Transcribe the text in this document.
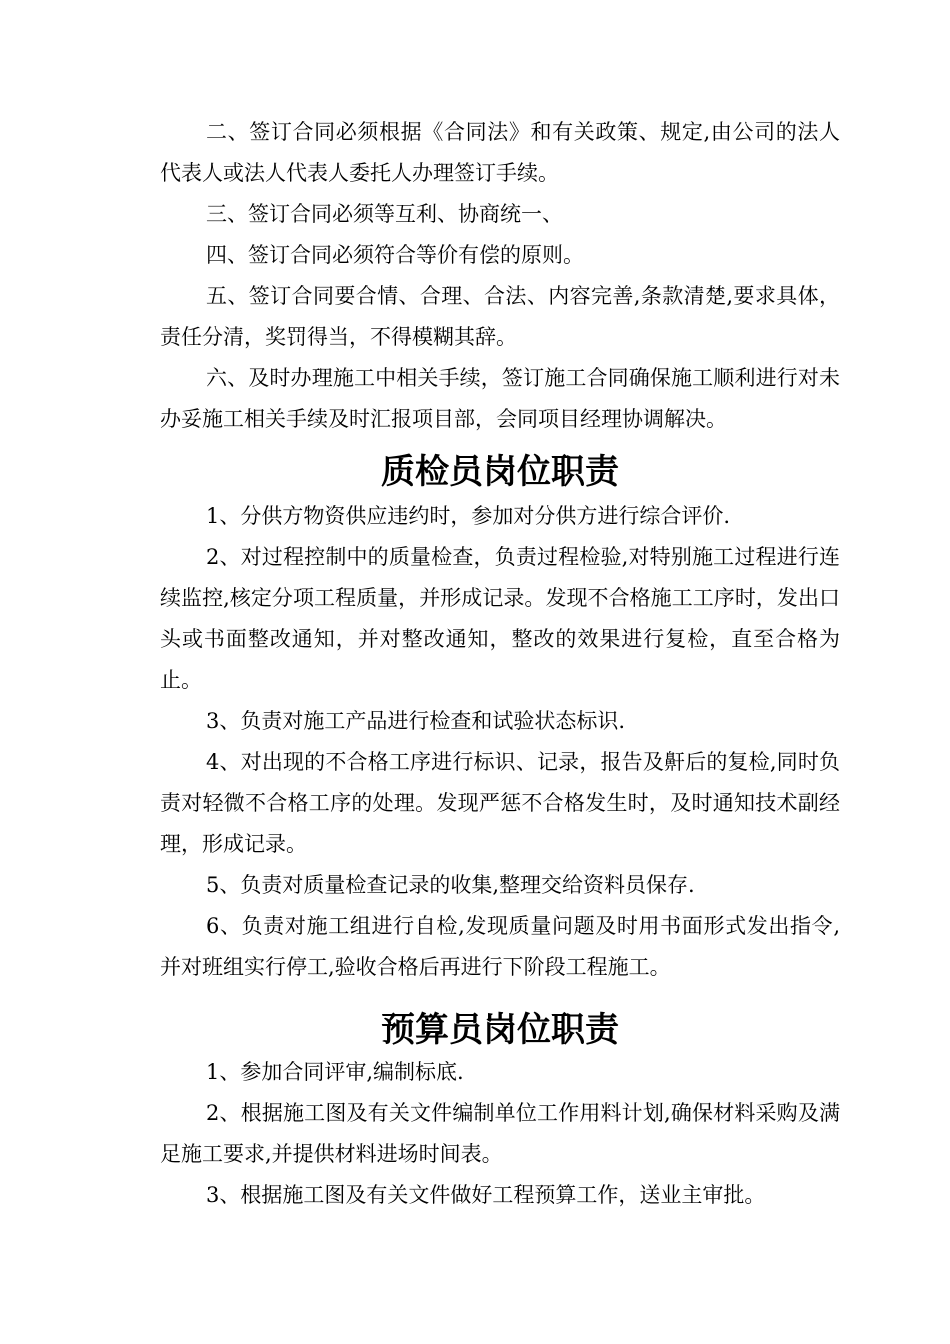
二、签订合同必须根据《合同法》和有关政策、规定,由公司的法人代表人或法人代表人委托人办理签订手续。

三、签订合同必须等互利、协商统一、

四、签订合同必须符合等价有偿的原则。

五、签订合同要合情、合理、合法、内容完善,条款清楚,要求具体，责任分清，奖罚得当，不得模糊其辞。

六、及时办理施工中相关手续，签订施工合同确保施工顺利进行对未办妥施工相关手续及时汇报项目部，会同项目经理协调解决。

质检员岗位职责

1、分供方物资供应违约时，参加对分供方进行综合评价.

2、对过程控制中的质量检查，负责过程检验,对特别施工过程进行连续监控,核定分项工程质量，并形成记录。发现不合格施工工序时，发出口头或书面整改通知，并对整改通知，整改的效果进行复检，直至合格为止。

3、负责对施工产品进行检查和试验状态标识.

4、对出现的不合格工序进行标识、记录，报告及鼾后的复检,同时负责对轻微不合格工序的处理。发现严惩不合格发生时，及时通知技术副经理，形成记录。

5、负责对质量检查记录的收集,整理交给资料员保存.

6、负责对施工组进行自检,发现质量问题及时用书面形式发出指令,并对班组实行停工,验收合格后再进行下阶段工程施工。

预算员岗位职责

1、参加合同评审,编制标底.

2、根据施工图及有关文件编制单位工作用料计划,确保材料采购及满足施工要求,并提供材料进场时间表。

3、根据施工图及有关文件做好工程预算工作，送业主审批。
